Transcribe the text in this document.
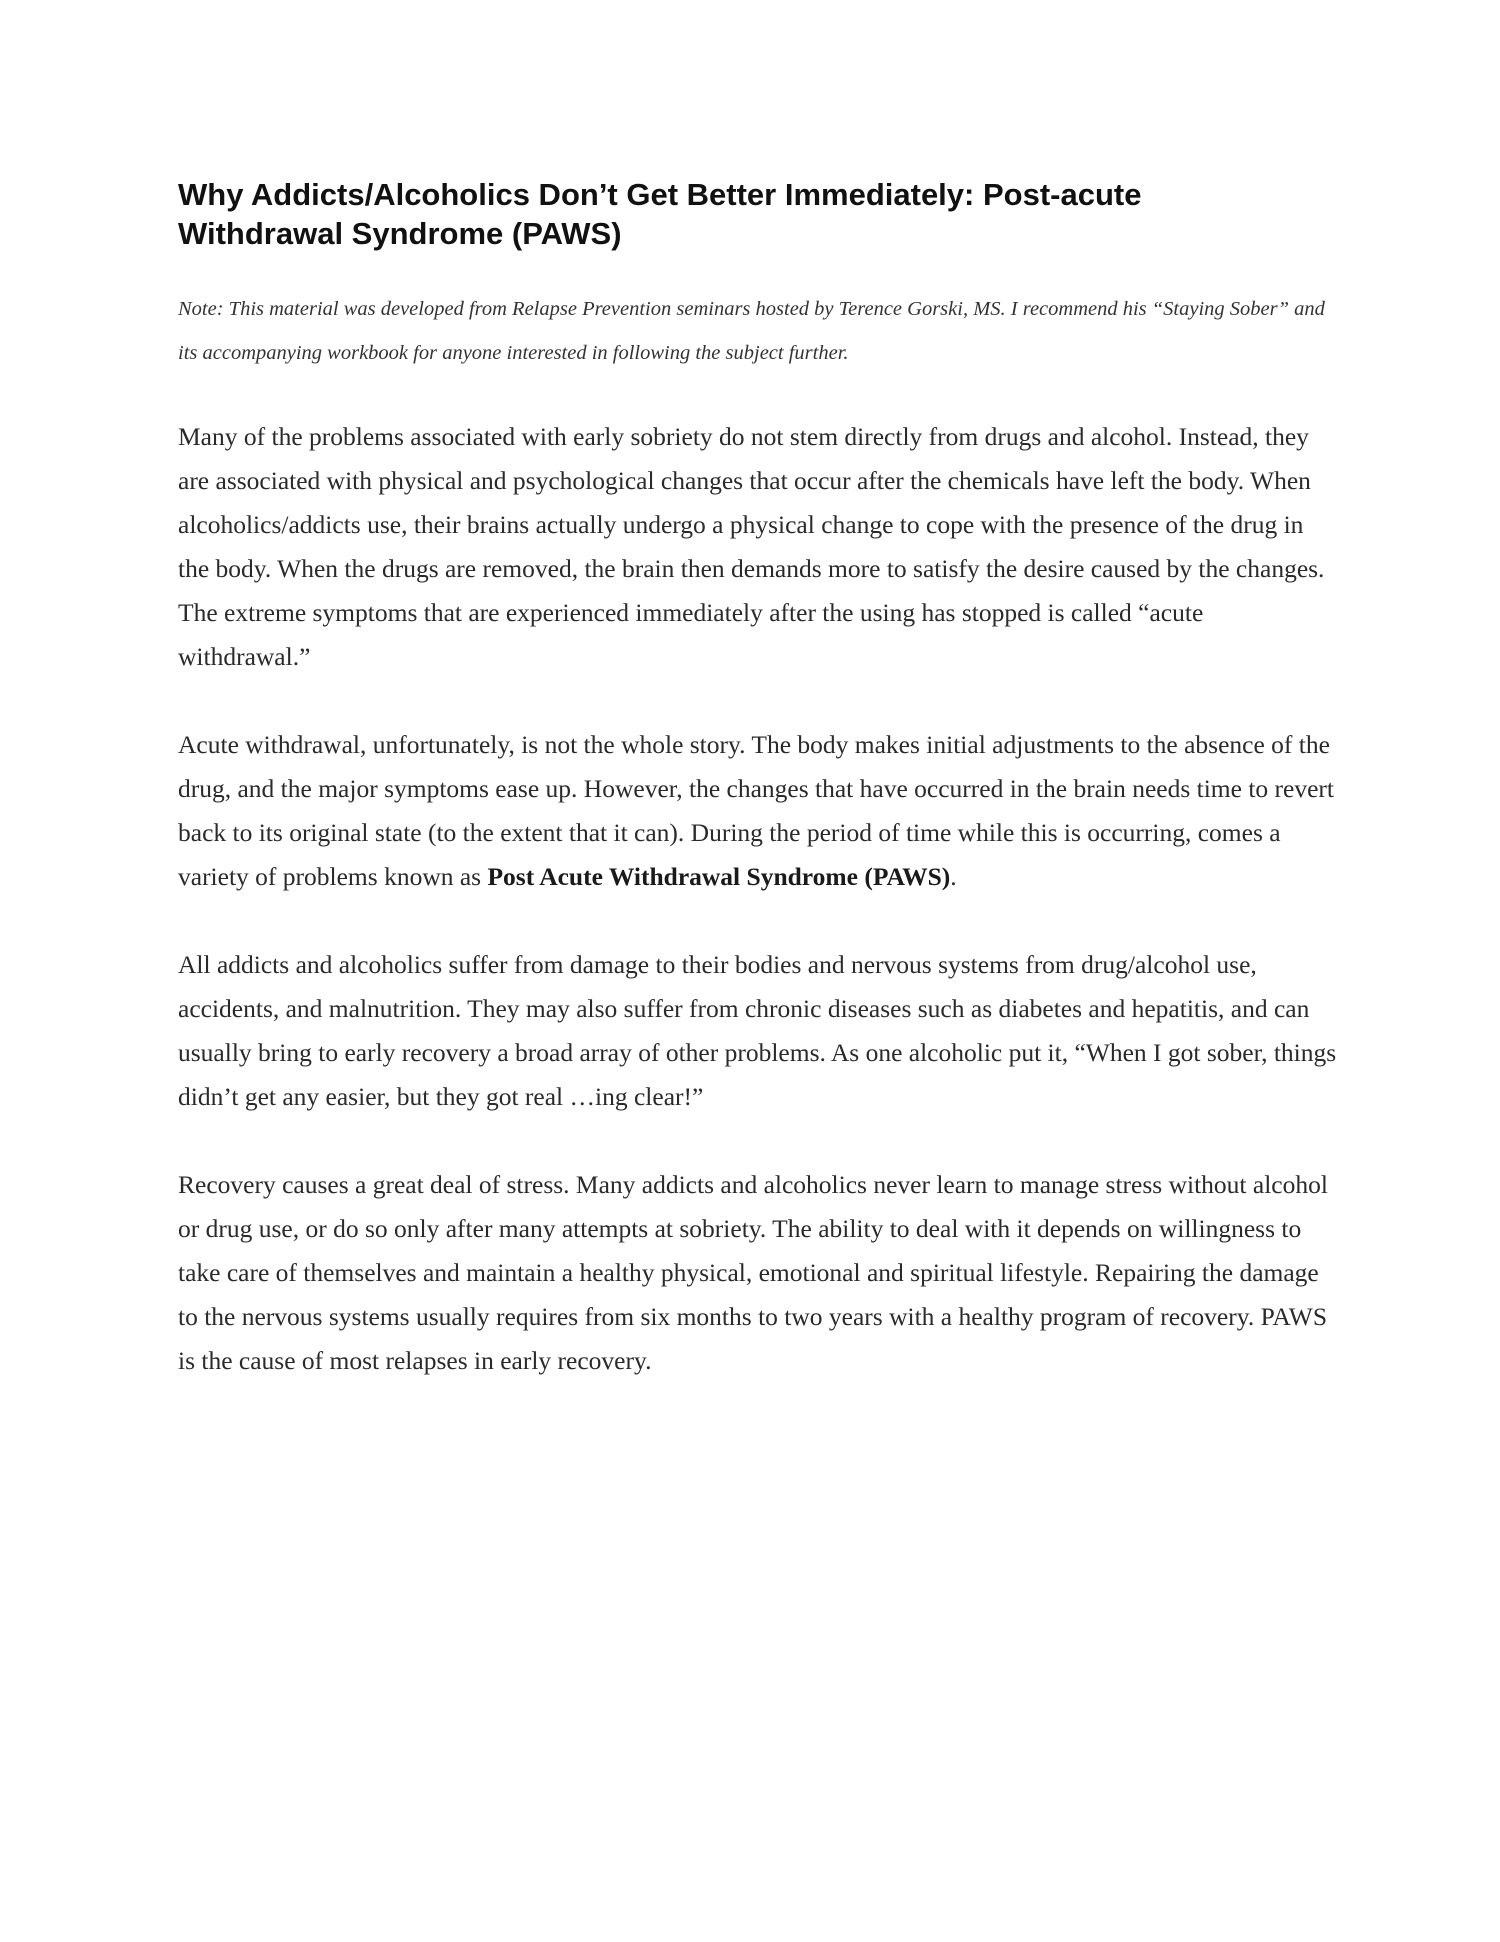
Why Addicts/Alcoholics Don’t Get Better Immediately: Post-acute Withdrawal Syndrome (PAWS)

Note: This material was developed from Relapse Prevention seminars hosted by Terence Gorski, MS. I recommend his “Staying Sober” and its accompanying workbook for anyone interested in following the subject further.

Many of the problems associated with early sobriety do not stem directly from drugs and alcohol. Instead, they are associated with physical and psychological changes that occur after the chemicals have left the body. When alcoholics/addicts use, their brains actually undergo a physical change to cope with the presence of the drug in the body. When the drugs are removed, the brain then demands more to satisfy the desire caused by the changes. The extreme symptoms that are experienced immediately after the using has stopped is called “acute withdrawal.”

Acute withdrawal, unfortunately, is not the whole story. The body makes initial adjustments to the absence of the drug, and the major symptoms ease up. However, the changes that have occurred in the brain needs time to revert back to its original state (to the extent that it can). During the period of time while this is occurring, comes a variety of problems known as Post Acute Withdrawal Syndrome (PAWS).

All addicts and alcoholics suffer from damage to their bodies and nervous systems from drug/alcohol use, accidents, and malnutrition. They may also suffer from chronic diseases such as diabetes and hepatitis, and can usually bring to early recovery a broad array of other problems. As one alcoholic put it, “When I got sober, things didn’t get any easier, but they got real …ing clear!”

Recovery causes a great deal of stress. Many addicts and alcoholics never learn to manage stress without alcohol or drug use, or do so only after many attempts at sobriety. The ability to deal with it depends on willingness to take care of themselves and maintain a healthy physical, emotional and spiritual lifestyle. Repairing the damage to the nervous systems usually requires from six months to two years with a healthy program of recovery. PAWS is the cause of most relapses in early recovery.
